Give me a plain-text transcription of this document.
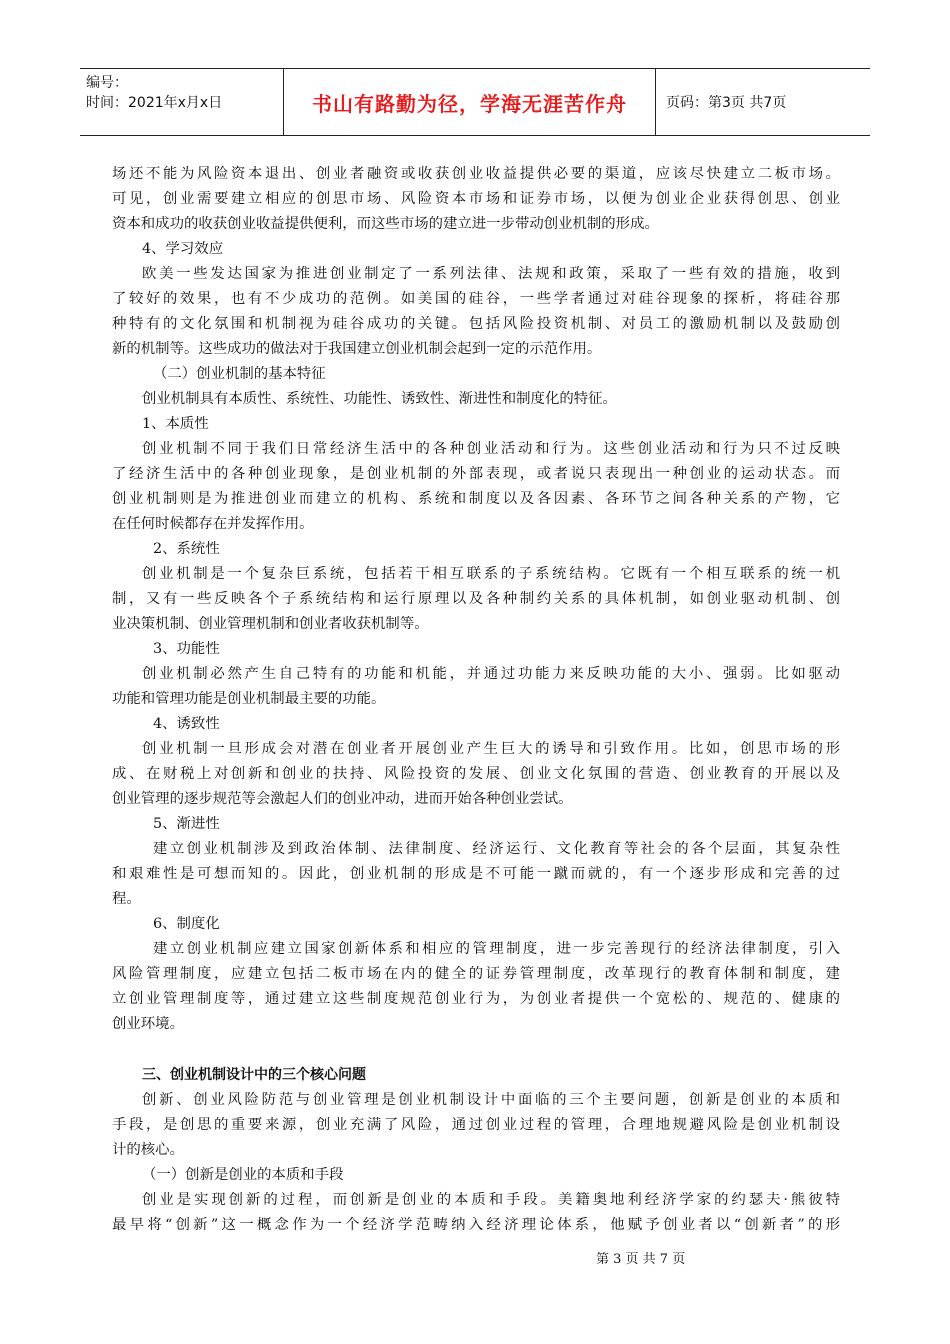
编号：
时间：2021年x月x日	书山有路勤为径，学海无涯苦作舟	页码：第3页 共7页
场还不能为风险资本退出、创业者融资或收获创业收益提供必要的渠道，应该尽快建立二板市场。
可见，创业需要建立相应的创思市场、风险资本市场和证券市场，以便为创业企业获得创思、创业
资本和成功的收获创业收益提供便利，而这些市场的建立进一步带动创业机制的形成。
4、学习效应
欧美一些发达国家为推进创业制定了一系列法律、法规和政策，采取了一些有效的措施，收到
了较好的效果，也有不少成功的范例。如美国的硅谷，一些学者通过对硅谷现象的探析，将硅谷那
种特有的文化氛围和机制视为硅谷成功的关键。包括风险投资机制、对员工的激励机制以及鼓励创
新的机制等。这些成功的做法对于我国建立创业机制会起到一定的示范作用。
（二）创业机制的基本特征
创业机制具有本质性、系统性、功能性、诱致性、渐进性和制度化的特征。
1、本质性
创业机制不同于我们日常经济生活中的各种创业活动和行为。这些创业活动和行为只不过反映
了经济生活中的各种创业现象，是创业机制的外部表现，或者说只表现出一种创业的运动状态。而
创业机制则是为推进创业而建立的机构、系统和制度以及各因素、各环节之间各种关系的产物，它
在任何时候都存在并发挥作用。
2、系统性
创业机制是一个复杂巨系统，包括若干相互联系的子系统结构。它既有一个相互联系的统一机
制，又有一些反映各个子系统结构和运行原理以及各种制约关系的具体机制，如创业驱动机制、创
业决策机制、创业管理机制和创业者收获机制等。
3、功能性
创业机制必然产生自己特有的功能和机能，并通过功能力来反映功能的大小、强弱。比如驱动
功能和管理功能是创业机制最主要的功能。
4、诱致性
创业机制一旦形成会对潜在创业者开展创业产生巨大的诱导和引致作用。比如，创思市场的形
成、在财税上对创新和创业的扶持、风险投资的发展、创业文化氛围的营造、创业教育的开展以及
创业管理的逐步规范等会激起人们的创业冲动，进而开始各种创业尝试。
5、渐进性
建立创业机制涉及到政治体制、法律制度、经济运行、文化教育等社会的各个层面，其复杂性
和艰难性是可想而知的。因此，创业机制的形成是不可能一蹴而就的，有一个逐步形成和完善的过
程。
6、制度化
建立创业机制应建立国家创新体系和相应的管理制度，进一步完善现行的经济法律制度，引入
风险管理制度，应建立包括二板市场在内的健全的证券管理制度，改革现行的教育体制和制度，建
立创业管理制度等，通过建立这些制度规范创业行为，为创业者提供一个宽松的、规范的、健康的
创业环境。
三、创业机制设计中的三个核心问题
创新、创业风险防范与创业管理是创业机制设计中面临的三个主要问题，创新是创业的本质和
手段，是创思的重要来源，创业充满了风险，通过创业过程的管理，合理地规避风险是创业机制设
计的核心。
（一）创新是创业的本质和手段
创业是实现创新的过程，而创新是创业的本质和手段。美籍奥地利经济学家的约瑟夫·熊彼特
最早将“创新”这一概念作为一个经济学范畴纳入经济理论体系，他赋予创业者以“创新者”的形
第 3 页 共 7 页
